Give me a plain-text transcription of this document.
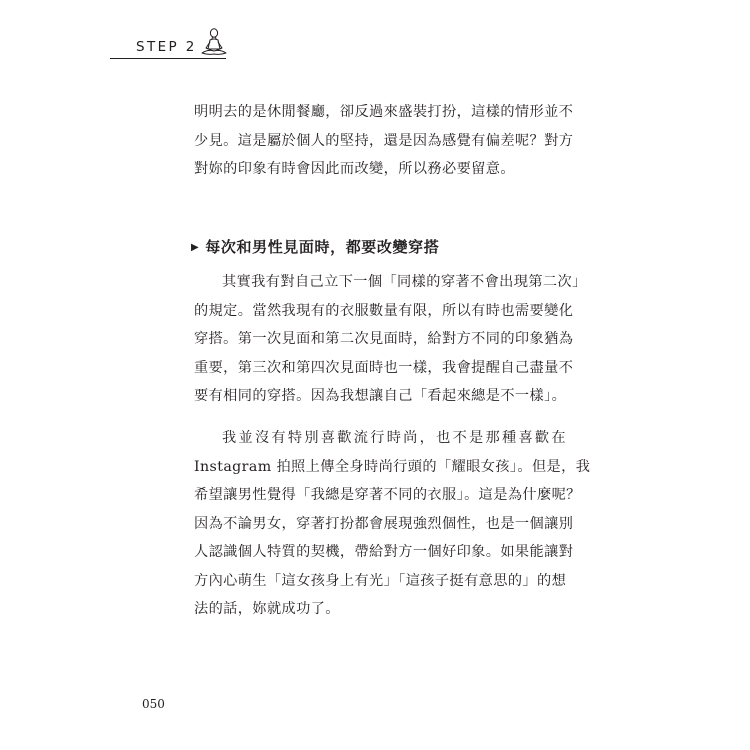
STEP 2
明明去的是休閒餐廳，卻反過來盛裝打扮，這樣的情形並不
少見。這是屬於個人的堅持，還是因為感覺有偏差呢？對方
對妳的印象有時會因此而改變，所以務必要留意。
▶ 每次和男性見面時，都要改變穿搭
其實我有對自己立下一個「同樣的穿著不會出現第二次」
的規定。當然我現有的衣服數量有限，所以有時也需要變化
穿搭。第一次見面和第二次見面時，給對方不同的印象猶為
重要，第三次和第四次見面時也一樣，我會提醒自己盡量不
要有相同的穿搭。因為我想讓自己「看起來總是不一樣」。
我並沒有特別喜歡流行時尚，也不是那種喜歡在
Instagram 拍照上傳全身時尚行頭的「耀眼女孩」。但是，我
希望讓男性覺得「我總是穿著不同的衣服」。這是為什麼呢？
因為不論男女，穿著打扮都會展現強烈個性，也是一個讓別
人認識個人特質的契機，帶給對方一個好印象。如果能讓對
方內心萌生「這女孩身上有光」「這孩子挺有意思的」的想
法的話，妳就成功了。
050
